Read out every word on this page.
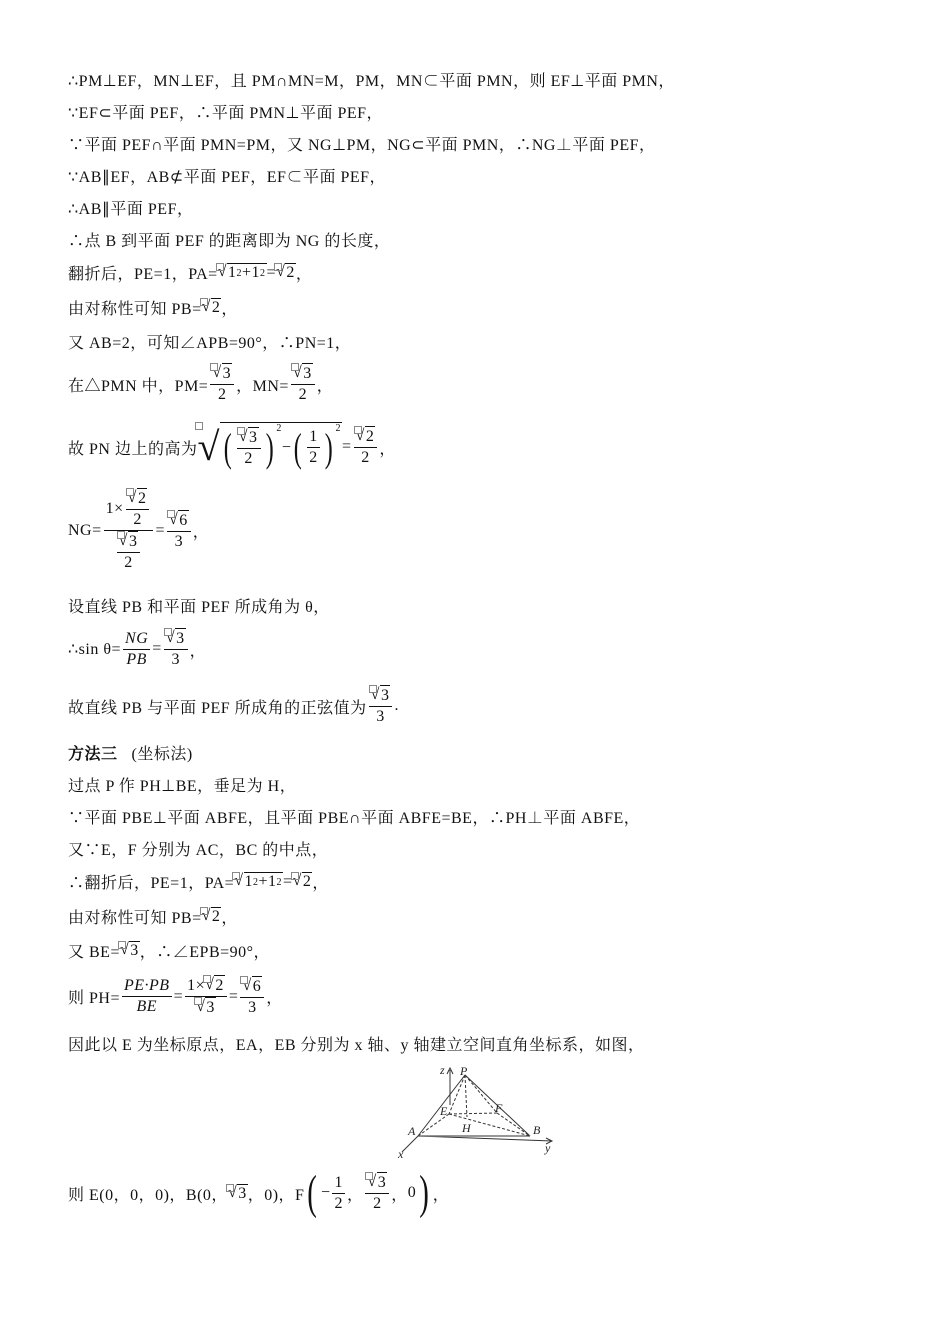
∴PM⊥EF，MN⊥EF，且 PM∩MN=M，PM，MN⊂平面 PMN，则 EF⊥平面 PMN，
∵EF⊂平面 PEF，∴平面 PMN⊥平面 PEF，
∵平面 PEF∩平面 PMN=PM，又 NG⊥PM，NG⊂平面 PMN，∴NG⊥平面 PEF，
∵AB∥EF，AB⊄平面 PEF，EF⊂平面 PEF，
∴AB∥平面 PEF，
∴点 B 到平面 PEF 的距离即为 NG 的长度，
翻折后，PE=1，PA= √ 1 2 +1 2 = √ 2 ，
由对称性可知 PB= √ 2 ，
又 AB=2，可知∠APB=90°，∴PN=1，
在△PMN 中，$PM= \frac{√ 3}{2}$ ，$MN= \frac{√ 3}{2}$ ，
故 PN 边上的高为 √ ( $\frac{√ 3}{2}$ ) $^2$
− ( $\frac{1}{2}$ ) $^2$
= $\frac{√ 2}{2}$ ，
$NG= \frac{1\times \frac{√ 2}{2}}{\frac{√ 3}{2}} = \frac{√ 6}{3}$ ，
设直线 PB 和平面 PEF 所成角为 θ，
∴sin $\theta= \frac{NG}{PB} = \frac{√ 3}{3}$ ，
故直线 PB 与平面 PEF 所成角的正弦值为 $\frac{√ 3}{3}$ .
方法三 (坐标法)
过点 P 作 PH⊥BE，垂足为 H，
∵平面 PBE⊥平面 ABFE，且平面 PBE∩平面 ABFE=BE，∴PH⊥平面 ABFE，
又∵E，F 分别为 AC，BC 的中点，
∴翻折后，PE=1，PA= √ 1 2 +1 2 = √ 2 ，
由对称性可知 PB= √ 2 ，
又 BE= √ 3 ，∴∠EPB=90°，
则 $PH= \frac{PE\cdot PB}{BE} = \frac{1\times √ 2}{√ 3} = \frac{√ 6}{3}$ ，
因此以 E 为坐标原点，EA，EB 分别为 x 轴、y 轴建立空间直角坐标系，如图，
z P
E	F
A	H	B
x	y
则 E(0，0，0)，B(0， √ 3 ，0)，F ( − $\frac{1}{2}$ ， $\frac{√ 3}{2}$ ， 0 ) ，
